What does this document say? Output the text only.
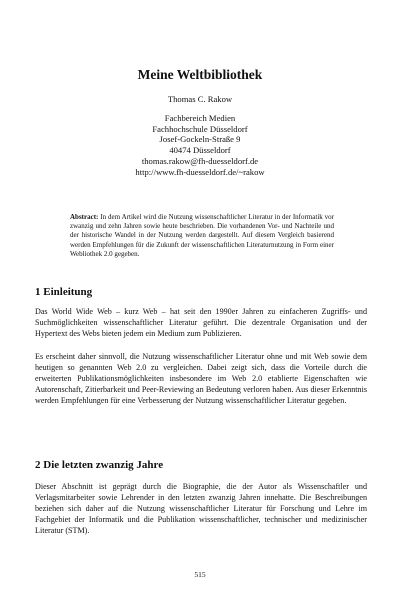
Meine Weltbibliothek
Thomas C. Rakow
Fachbereich Medien
Fachhochschule Düsseldorf
Josef-Gockeln-Straße 9
40474 Düsseldorf
thomas.rakow@fh-duesseldorf.de
http://www.fh-duesseldorf.de/~rakow

Abstract: In dem Artikel wird die Nutzung wissenschaftlicher Literatur in der Informatik vor zwanzig und zehn Jahren sowie heute beschrieben. Die vorhandenen Vor- und Nachteile und der historische Wandel in der Nutzung werden dargestellt. Auf diesem Vergleich basierend werden Empfehlungen für die Zukunft der wissenschaftlichen Literaturnutzung in Form einer Webliothek 2.0 gegeben.

1 Einleitung

Das World Wide Web – kurz Web – hat seit den 1990er Jahren zu einfacheren Zugriffs- und Suchmöglichkeiten wissenschaftlicher Literatur geführt. Die dezentrale Organisation und der Hypertext des Webs bieten jedem ein Medium zum Publizieren.

Es erscheint daher sinnvoll, die Nutzung wissenschaftlicher Literatur ohne und mit Web sowie dem heutigen so genannten Web 2.0 zu vergleichen. Dabei zeigt sich, dass die Vorteile durch die erweiterten Publikationsmöglichkeiten insbesondere im Web 2.0 etablierte Eigenschaften wie Autorenschaft, Zitierbarkeit und Peer-Reviewing an Bedeutung verloren haben. Aus dieser Erkenntnis werden Empfehlungen für eine Verbesserung der Nutzung wissenschaftlicher Literatur gegeben.

2 Die letzten zwanzig Jahre

Dieser Abschnitt ist geprägt durch die Biographie, die der Autor als Wissenschaftler und Verlagsmitarbeiter sowie Lehrender in den letzten zwanzig Jahren innehatte. Die Beschreibungen beziehen sich daher auf die Nutzung wissenschaftlicher Literatur für Forschung und Lehre im Fachgebiet der Informatik und die Publikation wissenschaftlicher, technischer und medizinischer Literatur (STM).

515
